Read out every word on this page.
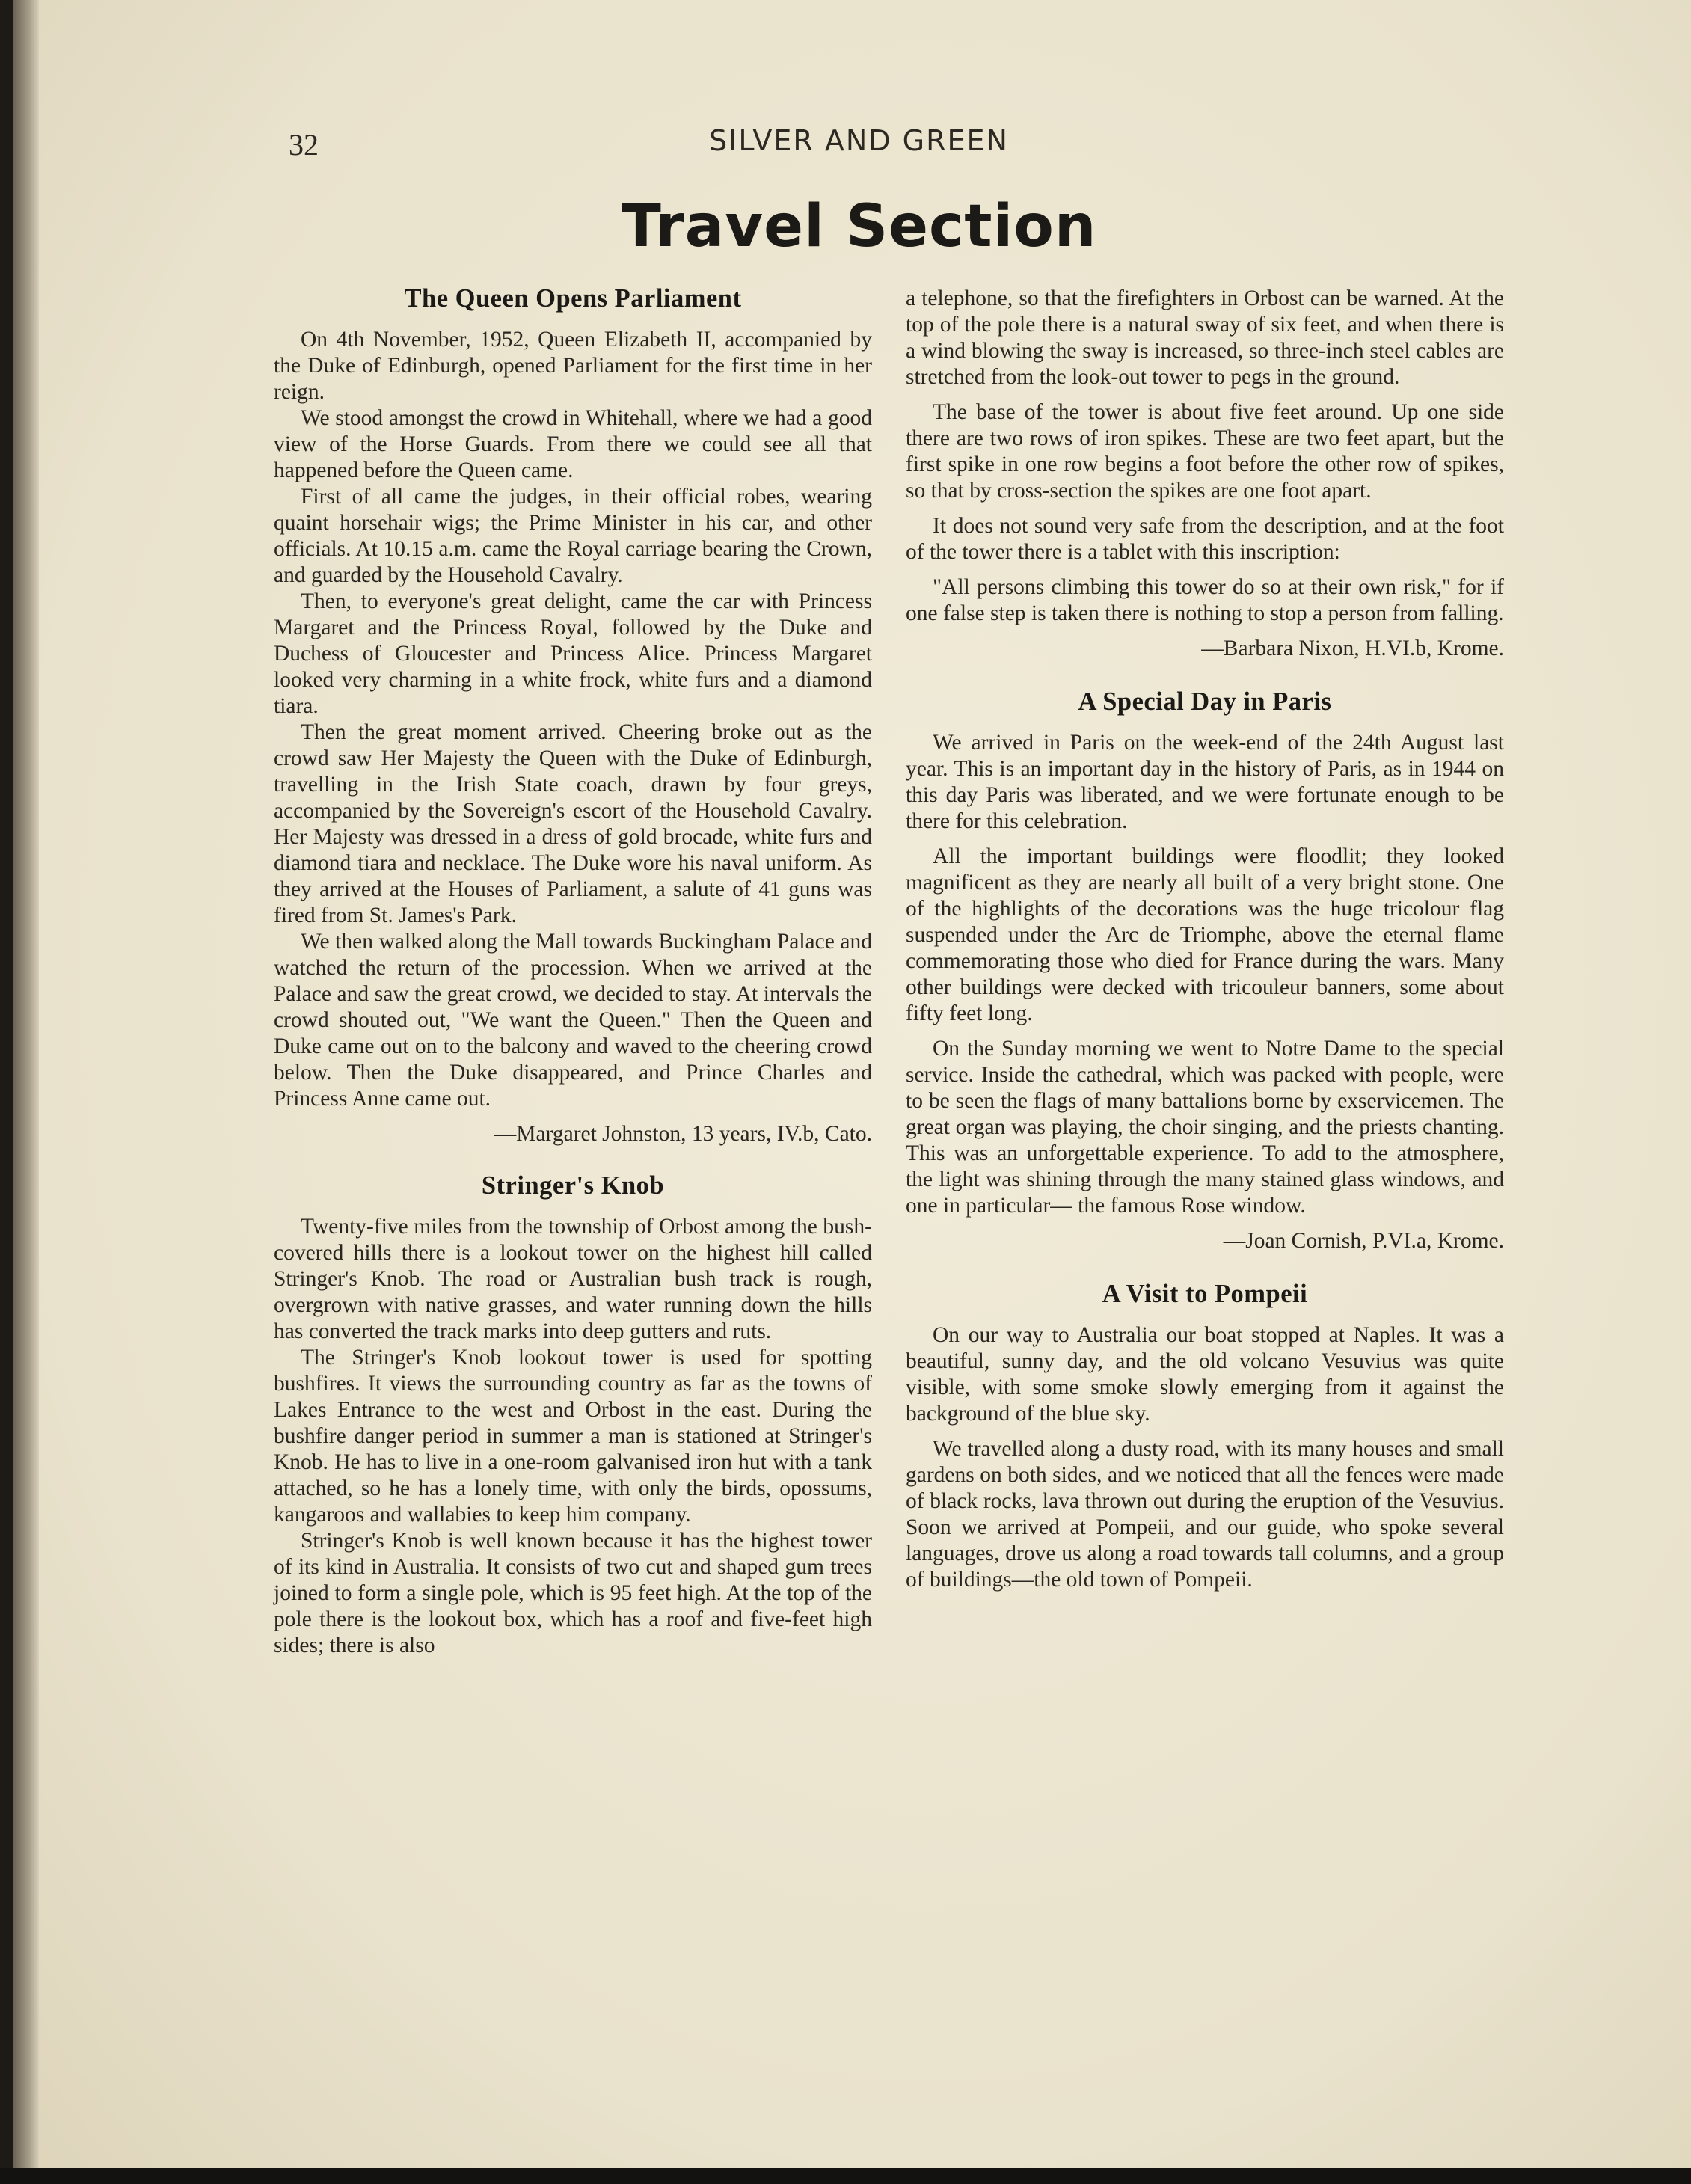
32	SILVER AND GREEN

Travel Section
The Queen Opens Parliament

On 4th November, 1952, Queen Elizabeth II, accompanied by the Duke of Edinburgh, opened Parliament for the first time in her reign.

We stood amongst the crowd in Whitehall, where we had a good view of the Horse Guards. From there we could see all that happened before the Queen came.

First of all came the judges, in their official robes, wearing quaint horsehair wigs; the Prime Minister in his car, and other officials. At 10.15 a.m. came the Royal carriage bearing the Crown, and guarded by the Household Cavalry.

Then, to everyone's great delight, came the car with Princess Margaret and the Princess Royal, followed by the Duke and Duchess of Gloucester and Princess Alice. Princess Margaret looked very charming in a white frock, white furs and a diamond tiara.

Then the great moment arrived. Cheering broke out as the crowd saw Her Majesty the Queen with the Duke of Edinburgh, travelling in the Irish State coach, drawn by four greys, accompanied by the Sovereign's escort of the Household Cavalry. Her Majesty was dressed in a dress of gold brocade, white furs and diamond tiara and necklace. The Duke wore his naval uniform. As they arrived at the Houses of Parliament, a salute of 41 guns was fired from St. James's Park.

We then walked along the Mall towards Buckingham Palace and watched the return of the procession. When we arrived at the Palace and saw the great crowd, we decided to stay. At intervals the crowd shouted out, "We want the Queen." Then the Queen and Duke came out on to the balcony and waved to the cheering crowd below. Then the Duke disappeared, and Prince Charles and Princess Anne came out.

—Margaret Johnston, 13 years, IV.b, Cato.

Stringer's Knob

Twenty-five miles from the township of Orbost among the bush-covered hills there is a lookout tower on the highest hill called Stringer's Knob. The road or Australian bush track is rough, overgrown with native grasses, and water running down the hills has converted the track marks into deep gutters and ruts.

The Stringer's Knob lookout tower is used for spotting bushfires. It views the surrounding country as far as the towns of Lakes Entrance to the west and Orbost in the east. During the bushfire danger period in summer a man is stationed at Stringer's Knob. He has to live in a one-room galvanised iron hut with a tank attached, so he has a lonely time, with only the birds, opossums, kangaroos and wallabies to keep him company.

Stringer's Knob is well known because it has the highest tower of its kind in Australia. It consists of two cut and shaped gum trees joined to form a single pole, which is 95 feet high. At the top of the pole there is the lookout box, which has a roof and five-feet high sides; there is also

a telephone, so that the firefighters in Orbost can be warned. At the top of the pole there is a natural sway of six feet, and when there is a wind blowing the sway is increased, so three-inch steel cables are stretched from the look-out tower to pegs in the ground.

The base of the tower is about five feet around. Up one side there are two rows of iron spikes. These are two feet apart, but the first spike in one row begins a foot before the other row of spikes, so that by cross-section the spikes are one foot apart.

It does not sound very safe from the description, and at the foot of the tower there is a tablet with this inscription:

"All persons climbing this tower do so at their own risk," for if one false step is taken there is nothing to stop a person from falling.

—Barbara Nixon, H.VI.b, Krome.

A Special Day in Paris

We arrived in Paris on the week-end of the 24th August last year. This is an important day in the history of Paris, as in 1944 on this day Paris was liberated, and we were fortunate enough to be there for this celebration.

All the important buildings were floodlit; they looked magnificent as they are nearly all built of a very bright stone. One of the highlights of the decorations was the huge tricolour flag suspended under the Arc de Triomphe, above the eternal flame commemorating those who died for France during the wars. Many other buildings were decked with tricouleur banners, some about fifty feet long.

On the Sunday morning we went to Notre Dame to the special service. Inside the cathedral, which was packed with people, were to be seen the flags of many battalions borne by exservicemen. The great organ was playing, the choir singing, and the priests chanting. This was an unforgettable experience. To add to the atmosphere, the light was shining through the many stained glass windows, and one in particular— the famous Rose window.

—Joan Cornish, P.VI.a, Krome.

A Visit to Pompeii

On our way to Australia our boat stopped at Naples. It was a beautiful, sunny day, and the old volcano Vesuvius was quite visible, with some smoke slowly emerging from it against the background of the blue sky.

We travelled along a dusty road, with its many houses and small gardens on both sides, and we noticed that all the fences were made of black rocks, lava thrown out during the eruption of the Vesuvius. Soon we arrived at Pompeii, and our guide, who spoke several languages, drove us along a road towards tall columns, and a group of buildings—the old town of Pompeii.
